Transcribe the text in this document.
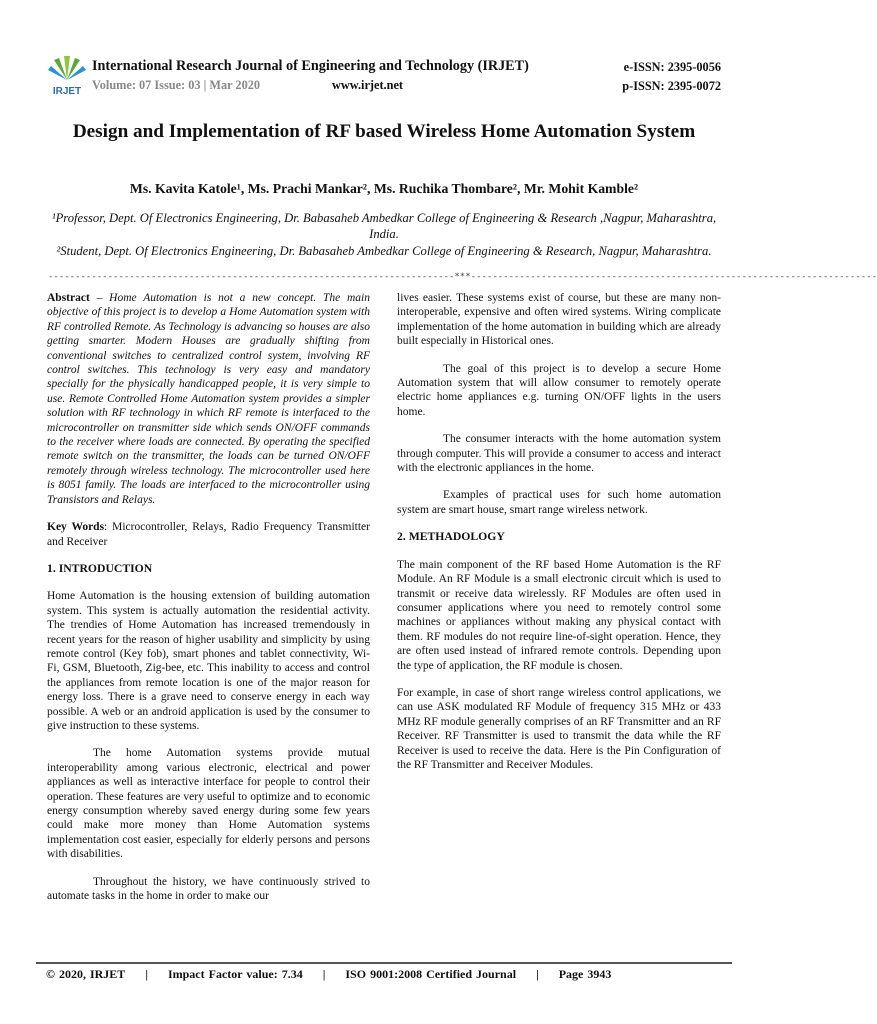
IRJET
International Research Journal of Engineering and Technology (IRJET)
Volume: 07 Issue: 03 | Mar 2020	www.irjet.net
e-ISSN: 2395-0056
p-ISSN: 2395-0072
Design and Implementation of RF based Wireless Home Automation System
Ms. Kavita Katole¹, Ms. Prachi Mankar², Ms. Ruchika Thombare², Mr. Mohit Kamble²
¹Professor, Dept. Of Electronics Engineering, Dr. Babasaheb Ambedkar College of Engineering & Research ,Nagpur, Maharashtra, India.
²Student, Dept. Of Electronics Engineering, Dr. Babasaheb Ambedkar College of Engineering & Research, Nagpur, Maharashtra.
---------------------------------------------------------------------------***---------------------------------------------------------------------------

Abstract – Home Automation is not a new concept. The main objective of this project is to develop a Home Automation system with RF controlled Remote. As Technology is advancing so houses are also getting smarter. Modern Houses are gradually shifting from conventional switches to centralized control system, involving RF control switches. This technology is very easy and mandatory specially for the physically handicapped people, it is very simple to use. Remote Controlled Home Automation system provides a simpler solution with RF technology in which RF remote is interfaced to the microcontroller on transmitter side which sends ON/OFF commands to the receiver where loads are connected. By operating the specified remote switch on the transmitter, the loads can be turned ON/OFF remotely through wireless technology. The microcontroller used here is 8051 family. The loads are interfaced to the microcontroller using Transistors and Relays.

Key Words: Microcontroller, Relays, Radio Frequency Transmitter and Receiver

1. INTRODUCTION

Home Automation is the housing extension of building automation system. This system is actually automation the residential activity. The trendies of Home Automation has increased tremendously in recent years for the reason of higher usability and simplicity by using remote control (Key fob), smart phones and tablet connectivity, Wi-Fi, GSM, Bluetooth, Zig-bee, etc. This inability to access and control the appliances from remote location is one of the major reason for energy loss. There is a grave need to conserve energy in each way possible. A web or an android application is used by the consumer to give instruction to these systems.

The home Automation systems provide mutual interoperability among various electronic, electrical and power appliances as well as interactive interface for people to control their operation. These features are very useful to optimize and to economic energy consumption whereby saved energy during some few years could make more money than Home Automation systems implementation cost easier, especially for elderly persons and persons with disabilities.

Throughout the history, we have continuously strived to automate tasks in the home in order to make our

lives easier. These systems exist of course, but these are many non-interoperable, expensive and often wired systems. Wiring complicate implementation of the home automation in building which are already built especially in Historical ones.

The goal of this project is to develop a secure Home Automation system that will allow consumer to remotely operate electric home appliances e.g. turning ON/OFF lights in the users home.

The consumer interacts with the home automation system through computer. This will provide a consumer to access and interact with the electronic appliances in the home.

Examples of practical uses for such home automation system are smart house, smart range wireless network.

2. METHADOLOGY

The main component of the RF based Home Automation is the RF Module. An RF Module is a small electronic circuit which is used to transmit or receive data wirelessly. RF Modules are often used in consumer applications where you need to remotely control some machines or appliances without making any physical contact with them. RF modules do not require line-of-sight operation. Hence, they are often used instead of infrared remote controls. Depending upon the type of application, the RF module is chosen.

For example, in case of short range wireless control applications, we can use ASK modulated RF Module of frequency 315 MHz or 433 MHz RF module generally comprises of an RF Transmitter and an RF Receiver. RF Transmitter is used to transmit the data while the RF Receiver is used to receive the data. Here is the Pin Configuration of the RF Transmitter and Receiver Modules.

© 2020, IRJET | Impact Factor value: 7.34 | ISO 9001:2008 Certified Journal | Page 3943
